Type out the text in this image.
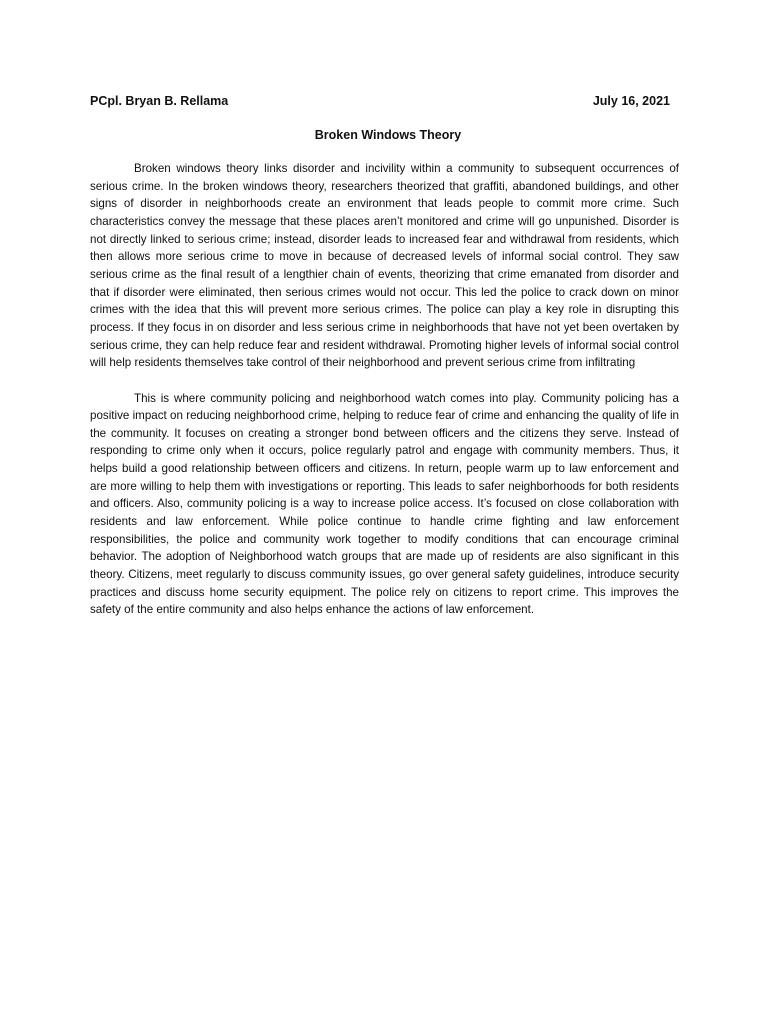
PCpl. Bryan B. Rellama	July 16, 2021
Broken Windows Theory

Broken windows theory links disorder and incivility within a community to subsequent occurrences of serious crime. In the broken windows theory, researchers theorized that graffiti, abandoned buildings, and other signs of disorder in neighborhoods create an environment that leads people to commit more crime. Such characteristics convey the message that these places aren’t monitored and crime will go unpunished. Disorder is not directly linked to serious crime; instead, disorder leads to increased fear and withdrawal from residents, which then allows more serious crime to move in because of decreased levels of informal social control. They saw serious crime as the final result of a lengthier chain of events, theorizing that crime emanated from disorder and that if disorder were eliminated, then serious crimes would not occur. This led the police to crack down on minor crimes with the idea that this will prevent more serious crimes. The police can play a key role in disrupting this process. If they focus in on disorder and less serious crime in neighborhoods that have not yet been overtaken by serious crime, they can help reduce fear and resident withdrawal. Promoting higher levels of informal social control will help residents themselves take control of their neighborhood and prevent serious crime from infiltrating

This is where community policing and neighborhood watch comes into play. Community policing has a positive impact on reducing neighborhood crime, helping to reduce fear of crime and enhancing the quality of life in the community. It focuses on creating a stronger bond between officers and the citizens they serve. Instead of responding to crime only when it occurs, police regularly patrol and engage with community members. Thus, it helps build a good relationship between officers and citizens. In return, people warm up to law enforcement and are more willing to help them with investigations or reporting. This leads to safer neighborhoods for both residents and officers. Also, community policing is a way to increase police access. It’s focused on close collaboration with residents and law enforcement. While police continue to handle crime fighting and law enforcement responsibilities, the police and community work together to modify conditions that can encourage criminal behavior. The adoption of Neighborhood watch groups that are made up of residents are also significant in this theory. Citizens, meet regularly to discuss community issues, go over general safety guidelines, introduce security practices and discuss home security equipment. The police rely on citizens to report crime. This improves the safety of the entire community and also helps enhance the actions of law enforcement.
